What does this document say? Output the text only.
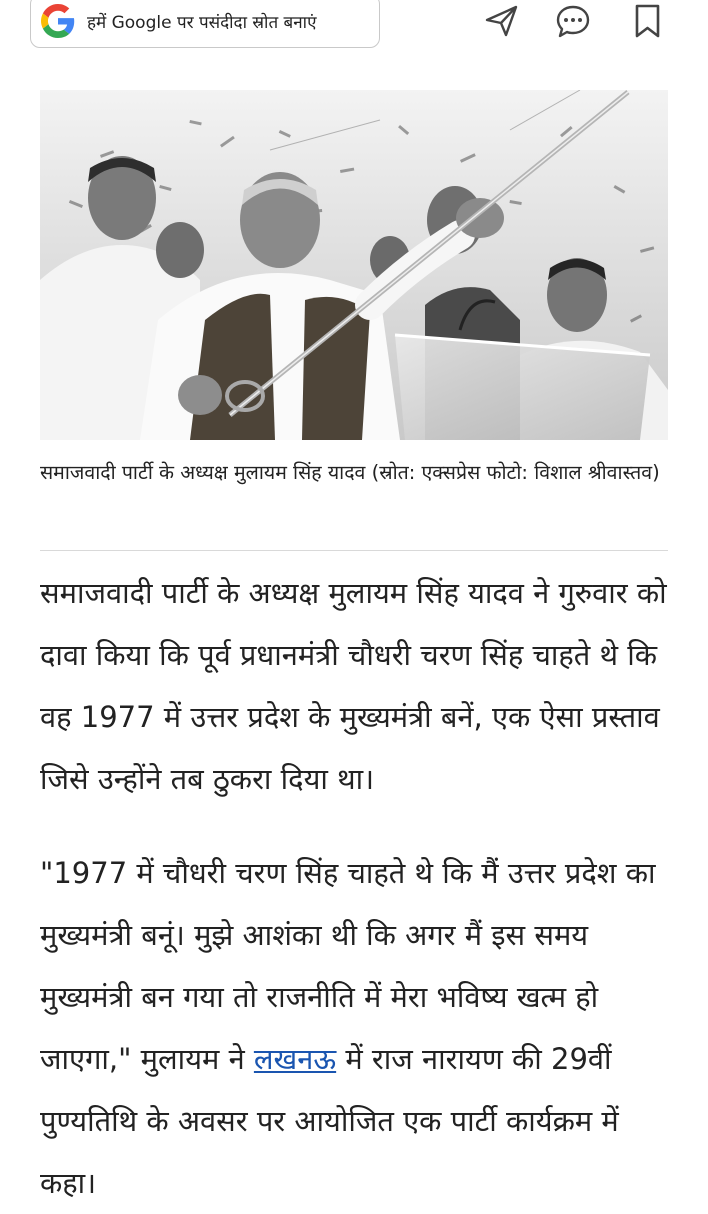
हमें Google पर पसंदीदा स्रोत बनाएं
समाजवादी पार्टी के अध्यक्ष मुलायम सिंह यादव (स्रोत: एक्सप्रेस फोटो: विशाल श्रीवास्तव)

समाजवादी पार्टी के अध्यक्ष मुलायम सिंह यादव ने गुरुवार को दावा किया कि पूर्व प्रधानमंत्री चौधरी चरण सिंह चाहते थे कि वह 1977 में उत्तर प्रदेश के मुख्यमंत्री बनें, एक ऐसा प्रस्ताव जिसे उन्होंने तब ठुकरा दिया था।

"1977 में चौधरी चरण सिंह चाहते थे कि मैं उत्तर प्रदेश का मुख्यमंत्री बनूं। मुझे आशंका थी कि अगर मैं इस समय मुख्यमंत्री बन गया तो राजनीति में मेरा भविष्य खत्म हो जाएगा," मुलायम ने लखनऊ में राज नारायण की 29वीं पुण्यतिथि के अवसर पर आयोजित एक पार्टी कार्यक्रम में कहा।
